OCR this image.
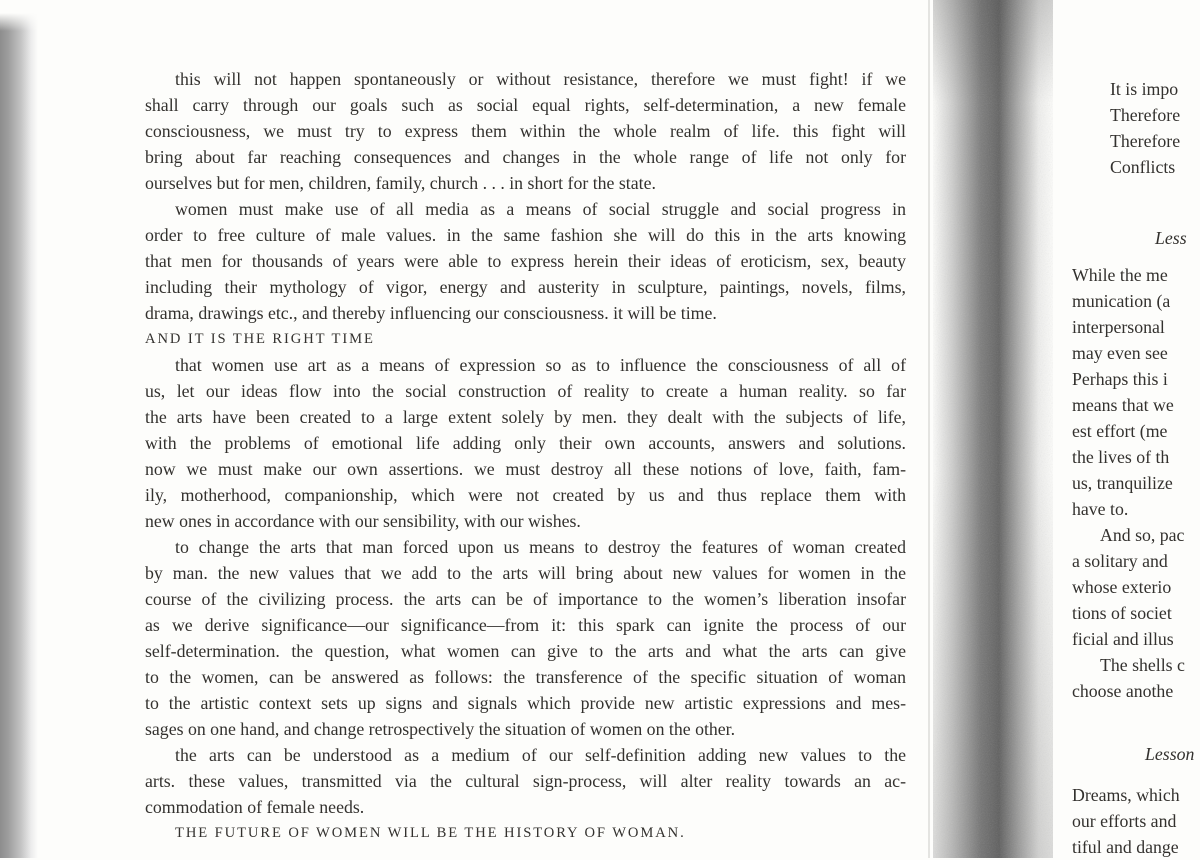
this will not happen spontaneously or without resistance, therefore we must fight! if we
shall carry through our goals such as social equal rights, self-determination, a new female
consciousness, we must try to express them within the whole realm of life. this fight will
bring about far reaching consequences and changes in the whole range of life not only for
ourselves but for men, children, family, church . . . in short for the state.
women must make use of all media as a means of social struggle and social progress in
order to free culture of male values. in the same fashion she will do this in the arts knowing
that men for thousands of years were able to express herein their ideas of eroticism, sex, beauty
including their mythology of vigor, energy and austerity in sculpture, paintings, novels, films,
drama, drawings etc., and thereby influencing our consciousness. it will be time.
AND IT IS THE RIGHT TIME
that women use art as a means of expression so as to influence the consciousness of all of
us, let our ideas flow into the social construction of reality to create a human reality. so far
the arts have been created to a large extent solely by men. they dealt with the subjects of life,
with the problems of emotional life adding only their own accounts, answers and solutions.
now we must make our own assertions. we must destroy all these notions of love, faith, fam-
ily, motherhood, companionship, which were not created by us and thus replace them with
new ones in accordance with our sensibility, with our wishes.
to change the arts that man forced upon us means to destroy the features of woman created
by man. the new values that we add to the arts will bring about new values for women in the
course of the civilizing process. the arts can be of importance to the women’s liberation insofar
as we derive significance—our significance—from it: this spark can ignite the process of our
self-determination. the question, what women can give to the arts and what the arts can give
to the women, can be answered as follows: the transference of the specific situation of woman
to the artistic context sets up signs and signals which provide new artistic expressions and mes-
sages on one hand, and change retrospectively the situation of women on the other.
the arts can be understood as a medium of our self-definition adding new values to the
arts. these values, transmitted via the cultural sign-process, will alter reality towards an ac-
commodation of female needs.
THE FUTURE OF WOMEN WILL BE THE HISTORY OF WOMAN.
It is impo
Therefore
Therefore
Conflicts
Less
While the me
munication (a
interpersonal
may even see
Perhaps this i
means that we
est effort (me
the lives of th
us, tranquilize
have to.
And so, pac
a solitary and
whose exterio
tions of societ
ficial and illus
The shells c
choose anothe
Lesson
Dreams, which
our efforts and
tiful and dange
